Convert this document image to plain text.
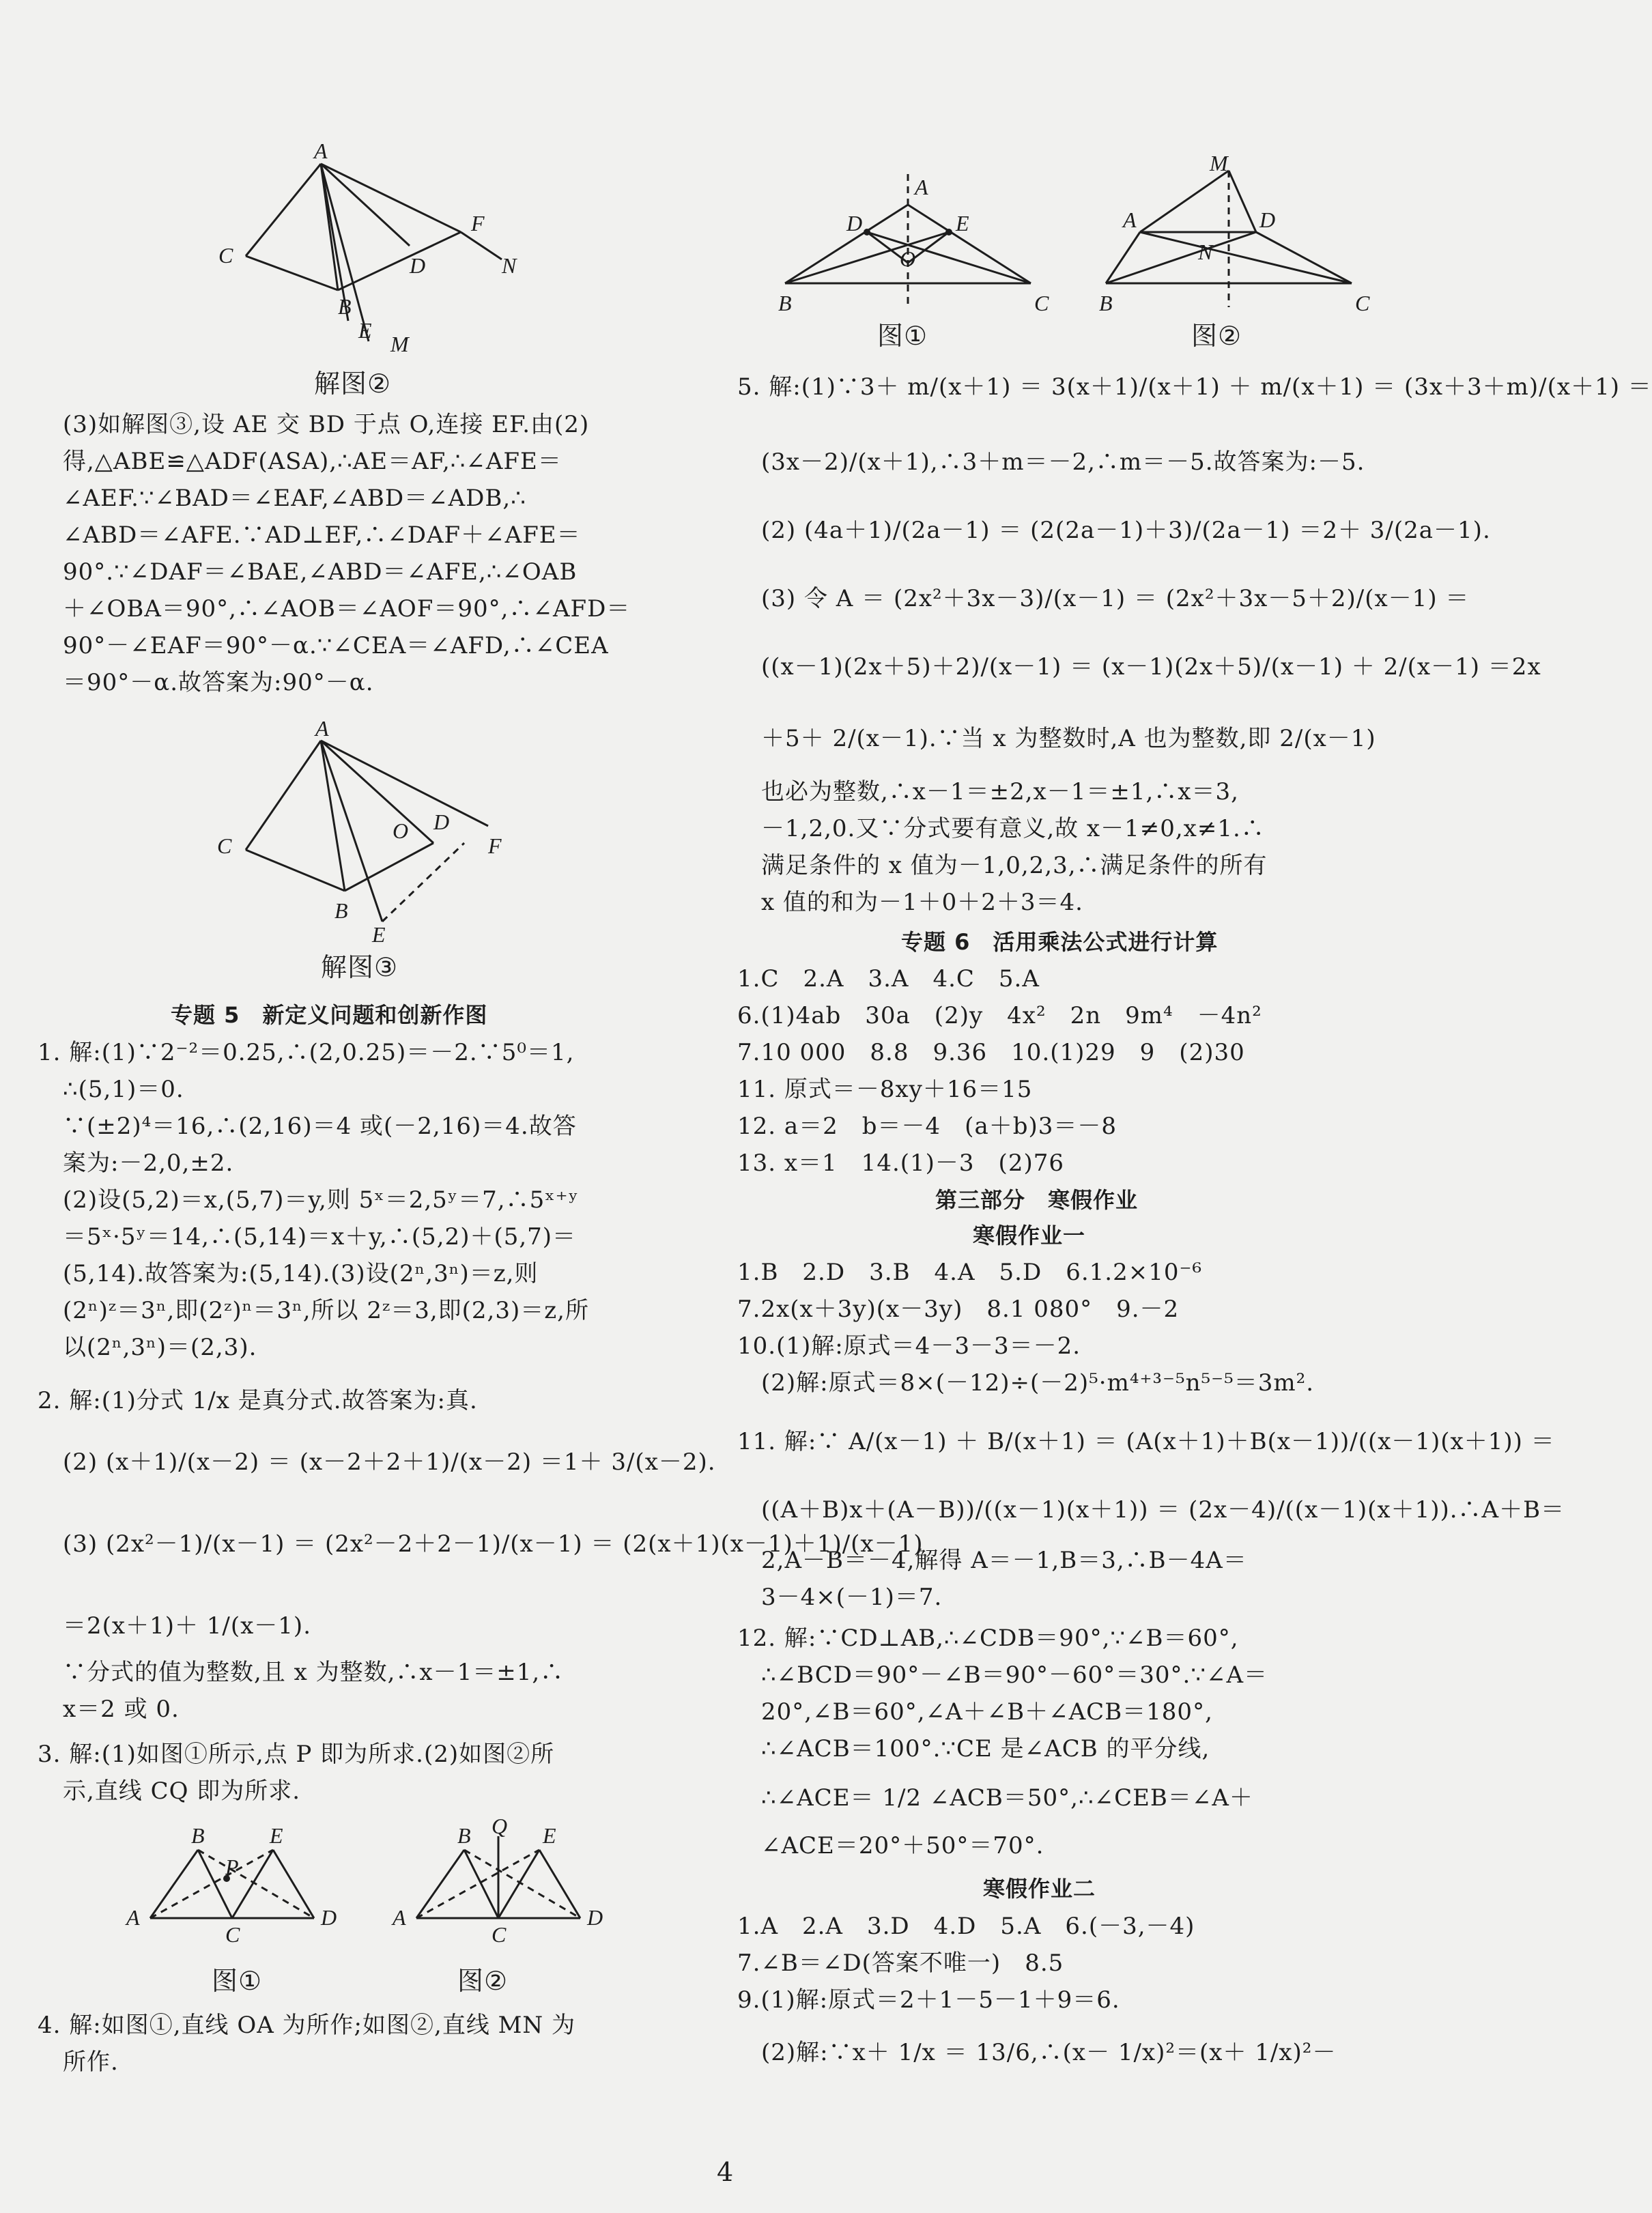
A
C
F
N
D
B
E
M
解图②
(3)如解图③,设 AE 交 BD 于点 O,连接 EF.由(2)
得,△ABE≌△ADF(ASA),∴AE＝AF,∴∠AFE＝
∠AEF.∵∠BAD＝∠EAF,∠ABD＝∠ADB,∴
∠ABD＝∠AFE.∵AD⊥EF,∴∠DAF＋∠AFE＝
90°.∵∠DAF＝∠BAE,∠ABD＝∠AFE,∴∠OAB
＋∠OBA＝90°,∴∠AOB＝∠AOF＝90°,∴∠AFD＝
90°－∠EAF＝90°－α.∵∠CEA＝∠AFD,∴∠CEA
＝90°－α.故答案为:90°－α.
A
C
O D
F
B
E
解图③
专题 5　新定义问题和创新作图
1. 解:(1)∵2⁻²＝0.25,∴(2,0.25)＝－2.∵5⁰＝1,
∴(5,1)＝0.
∵(±2)⁴＝16,∴(2,16)＝4 或(－2,16)＝4.故答
案为:－2,0,±2.
(2)设(5,2)＝x,(5,7)＝y,则 5ˣ＝2,5ʸ＝7,∴5ˣ⁺ʸ
＝5ˣ·5ʸ＝14,∴(5,14)＝x＋y,∴(5,2)＋(5,7)＝
(5,14).故答案为:(5,14).(3)设(2ⁿ,3ⁿ)＝z,则
(2ⁿ)ᶻ＝3ⁿ,即(2ᶻ)ⁿ＝3ⁿ,所以 2ᶻ＝3,即(2,3)＝z,所
以(2ⁿ,3ⁿ)＝(2,3).
2. 解:(1)分式 1/x 是真分式.故答案为:真.
(2) (x＋1)/(x－2) ＝ (x－2＋2＋1)/(x－2) ＝1＋ 3/(x－2).
(3) (2x²－1)/(x－1) ＝ (2x²－2＋2－1)/(x－1) ＝ (2(x＋1)(x－1)＋1)/(x－1)
＝2(x＋1)＋ 1/(x－1).
∵分式的值为整数,且 x 为整数,∴x－1＝±1,∴
x＝2 或 0.
3. 解:(1)如图①所示,点 P 即为所求.(2)如图②所
示,直线 CQ 即为所求.
B
P
E
A
C
D
图①
B Q E
A
C
D
图②
4. 解:如图①,直线 OA 为所作;如图②,直线 MN 为
所作.
A
D	E
O
B	C
图①
M
A	D
N
B	C
图②
5. 解:(1)∵3＋ m/(x＋1) ＝ 3(x＋1)/(x＋1) ＋ m/(x＋1) ＝ (3x＋3＋m)/(x＋1) ＝
(3x－2)/(x＋1),∴3＋m＝－2,∴m＝－5.故答案为:－5.
(2) (4a＋1)/(2a－1) ＝ (2(2a－1)＋3)/(2a－1) ＝2＋ 3/(2a－1).
(3) 令 A ＝ (2x²＋3x－3)/(x－1) ＝ (2x²＋3x－5＋2)/(x－1) ＝
((x－1)(2x＋5)＋2)/(x－1) ＝ (x－1)(2x＋5)/(x－1) ＋ 2/(x－1) ＝2x
＋5＋ 2/(x－1).∵当 x 为整数时,A 也为整数,即 2/(x－1)
也必为整数,∴x－1＝±2,x－1＝±1,∴x＝3,
－1,2,0.又∵分式要有意义,故 x－1≠0,x≠1.∴
满足条件的 x 值为－1,0,2,3,∴满足条件的所有
x 值的和为－1＋0＋2＋3＝4.
专题 6　活用乘法公式进行计算
1.C　2.A　3.A　4.C　5.A
6.(1)4ab　30a　(2)y　4x²　2n　9m⁴　－4n²
7.10 000　8.8　9.36　10.(1)29　9　(2)30
11. 原式＝－8xy＋16＝15
12. a＝2　b＝－4　(a＋b)3＝－8
13. x＝1　14.(1)－3　(2)76
第三部分　寒假作业
寒假作业一
1.B　2.D　3.B　4.A　5.D　6.1.2×10⁻⁶
7.2x(x＋3y)(x－3y)　8.1 080°　9.－2
10.(1)解:原式＝4－3－3＝－2.
(2)解:原式＝8×(－12)÷(－2)⁵·m⁴⁺³⁻⁵n⁵⁻⁵＝3m².
11. 解:∵ A/(x－1) ＋ B/(x＋1) ＝ (A(x＋1)＋B(x－1))/((x－1)(x＋1)) ＝
((A＋B)x＋(A－B))/((x－1)(x＋1)) ＝ (2x－4)/((x－1)(x＋1)).∴A＋B＝
2,A－B＝－4,解得 A＝－1,B＝3,∴B－4A＝
3－4×(－1)＝7.
12. 解:∵CD⊥AB,∴∠CDB＝90°,∵∠B＝60°,
∴∠BCD＝90°－∠B＝90°－60°＝30°.∵∠A＝
20°,∠B＝60°,∠A＋∠B＋∠ACB＝180°,
∴∠ACB＝100°.∵CE 是∠ACB 的平分线,
∴∠ACE＝ 1/2 ∠ACB＝50°,∴∠CEB＝∠A＋
∠ACE＝20°＋50°＝70°.
寒假作业二
1.A　2.A　3.D　4.D　5.A　6.(－3,－4)
7.∠B＝∠D(答案不唯一)　8.5
9.(1)解:原式＝2＋1－5－1＋9＝6.
(2)解:∵x＋ 1/x ＝ 13/6,∴(x－ 1/x)²＝(x＋ 1/x)²－
4
